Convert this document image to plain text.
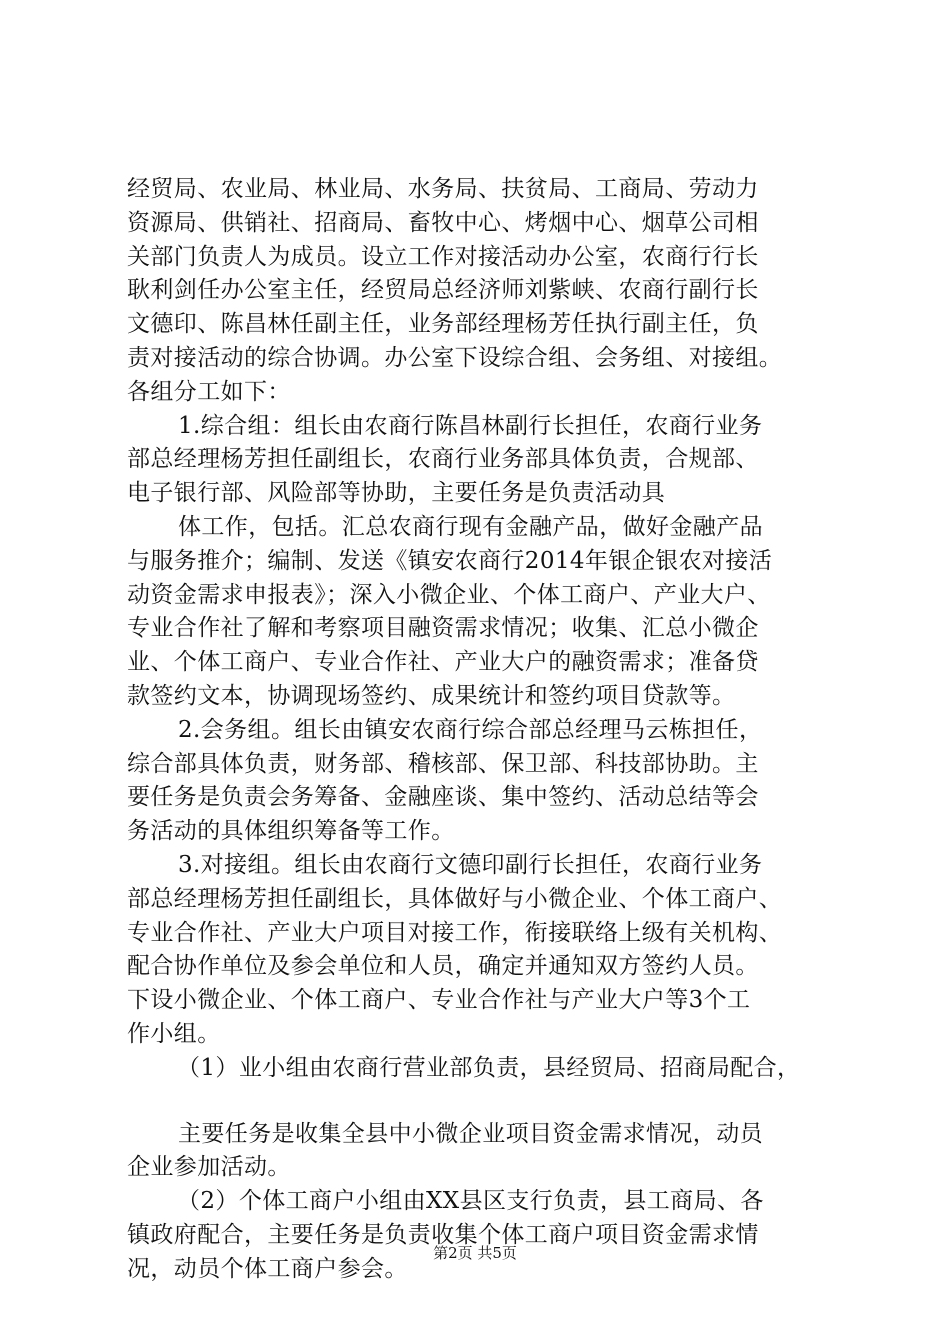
经贸局、农业局、林业局、水务局、扶贫局、工商局、劳动力
资源局、供销社、招商局、畜牧中心、烤烟中心、烟草公司相
关部门负责人为成员。设立工作对接活动办公室，农商行行长
耿利剑任办公室主任，经贸局总经济师刘紫峡、农商行副行长
文德印、陈昌林任副主任，业务部经理杨芳任执行副主任，负
责对接活动的综合协调。办公室下设综合组、会务组、对接组。
各组分工如下：
1.综合组：组长由农商行陈昌林副行长担任，农商行业务
部总经理杨芳担任副组长，农商行业务部具体负责，合规部、
电子银行部、风险部等协助，主要任务是负责活动具
体工作，包括。汇总农商行现有金融产品，做好金融产品
与服务推介；编制、发送《镇安农商行2014年银企银农对接活
动资金需求申报表》；深入小微企业、个体工商户、产业大户、
专业合作社了解和考察项目融资需求情况；收集、汇总小微企
业、个体工商户、专业合作社、产业大户的融资需求；准备贷
款签约文本，协调现场签约、成果统计和签约项目贷款等。
2.会务组。组长由镇安农商行综合部总经理马云栋担任，
综合部具体负责，财务部、稽核部、保卫部、科技部协助。主
要任务是负责会务筹备、金融座谈、集中签约、活动总结等会
务活动的具体组织筹备等工作。
3.对接组。组长由农商行文德印副行长担任，农商行业务
部总经理杨芳担任副组长，具体做好与小微企业、个体工商户、
专业合作社、产业大户项目对接工作，衔接联络上级有关机构、
配合协作单位及参会单位和人员，确定并通知双方签约人员。
下设小微企业、个体工商户、专业合作社与产业大户等3个工
作小组。
（1）业小组由农商行营业部负责，县经贸局、招商局配合，
主要任务是收集全县中小微企业项目资金需求情况，动员
企业参加活动。
（2）个体工商户小组由XX县区支行负责，县工商局、各
镇政府配合，主要任务是负责收集个体工商户项目资金需求情
况，动员个体工商户参会。
第2页 共5页
